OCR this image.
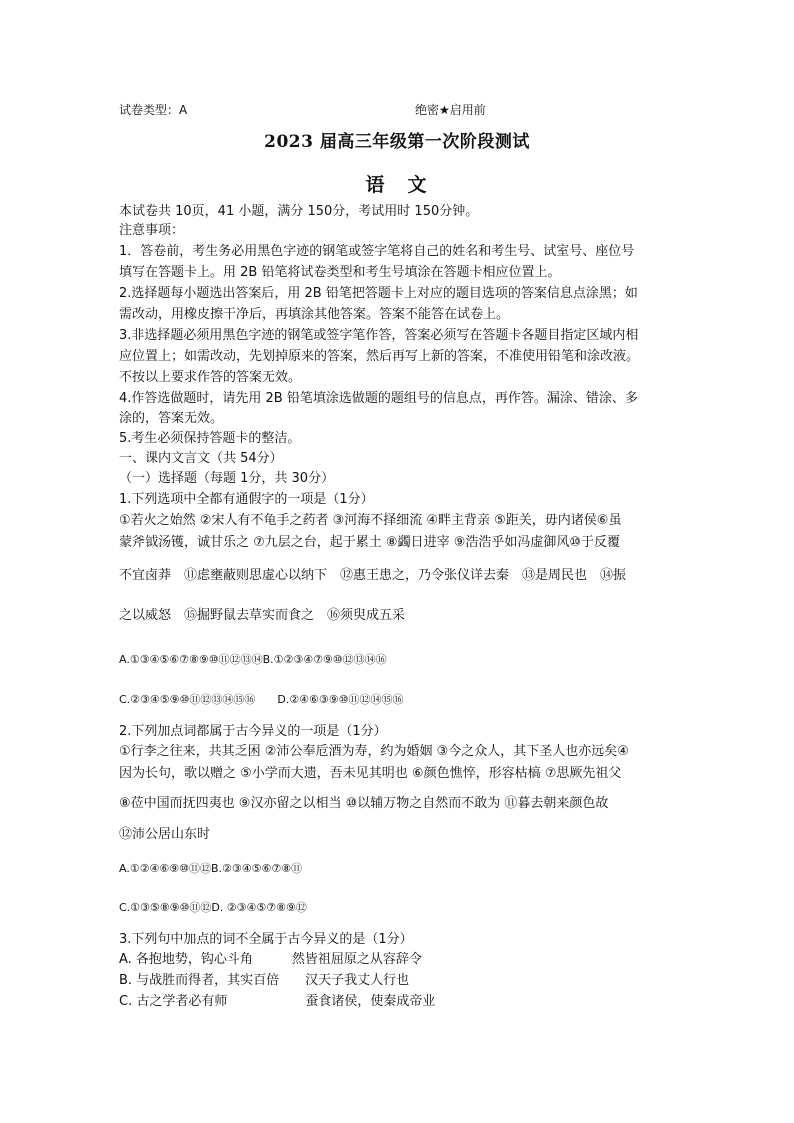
试卷类型：A	绝密★启用前
2023 届高三年级第一次阶段测试
语　文
本试卷共 10页，41 小题，满分 150分，考试用时 150分钟。
注意事项：
1．答卷前，考生务必用黑色字迹的钢笔或签字笔将自己的姓名和考生号、试室号、座位号
填写在答题卡上。用 2B 铅笔将试卷类型和考生号填涂在答题卡相应位置上。
2.选择题每小题选出答案后，用 2B 铅笔把答题卡上对应的题目选项的答案信息点涂黑；如
需改动，用橡皮擦干净后，再填涂其他答案。答案不能答在试卷上。
3.非选择题必须用黑色字迹的钢笔或签字笔作答，答案必须写在答题卡各题目指定区域内相
应位置上；如需改动，先划掉原来的答案，然后再写上新的答案，不准使用铅笔和涂改液。
不按以上要求作答的答案无效。
4.作答选做题时，请先用 2B 铅笔填涂选做题的题组号的信息点，再作答。漏涂、错涂、多
涂的，答案无效。
5.考生必须保持答题卡的整洁。
一、课内文言文（共 54分）
（一）选择题（每题 1分，共 30分）
1.下列选项中全都有通假字的一项是（1分）
①若火之始然 ②宋人有不龟手之药者 ③河海不择细流 ④畔主背亲 ⑤距关，毋内诸侯⑥虽
蒙斧钺汤镬，诚甘乐之 ⑦九层之台，起于累土 ⑧蠲日进宰 ⑨浩浩乎如冯虚御风⑩于反覆
不宜卤莽　⑪虑壅蔽则思虚心以纳下　⑫惠王患之，乃令张仪详去秦　⑬是周民也　⑭振
之以威怒　⑮掘野鼠去草实而食之　⑯须臾成五采
A.①③④⑤⑥⑦⑧⑨⑩⑪⑫⑬⑭B.①②③④⑦⑨⑩⑫⑬⑭⑯
C.②③④⑤⑨⑩⑪⑫⑬⑭⑮⑯　　D.②④⑥③⑨⑩⑪⑫⑭⑮⑯
2.下列加点词都属于古今异义的一项是（1分）
①行李之往来，共其乏困 ②沛公奉卮酒为寿，约为婚姻 ③今之众人，其下圣人也亦远矣④
因为长句，歌以赠之 ⑤小学而大遗，吾未见其明也 ⑥颜色憔悴，形容枯槁 ⑦思厥先祖父
⑧莅中国而抚四夷也 ⑨汉亦留之以相当 ⑩以辅万物之自然而不敢为 ⑪暮去朝来颜色故
⑫沛公居山东时
A.①②④⑥⑨⑩⑪⑫B.②③④⑤⑥⑦⑧⑪
C.①③⑤⑧⑨⑩⑪⑫D. ②③④⑤⑦⑧⑨⑫
3.下列句中加点的词不全属于古今异义的是（1分）
A. 各抱地势，钩心斗角　　　然皆祖屈原之从容辞令
B. 与战胜而得者，其实百倍　　汉天子我丈人行也
C. 古之学者必有师　　　　　　蚕食诸侯，使秦成帝业
